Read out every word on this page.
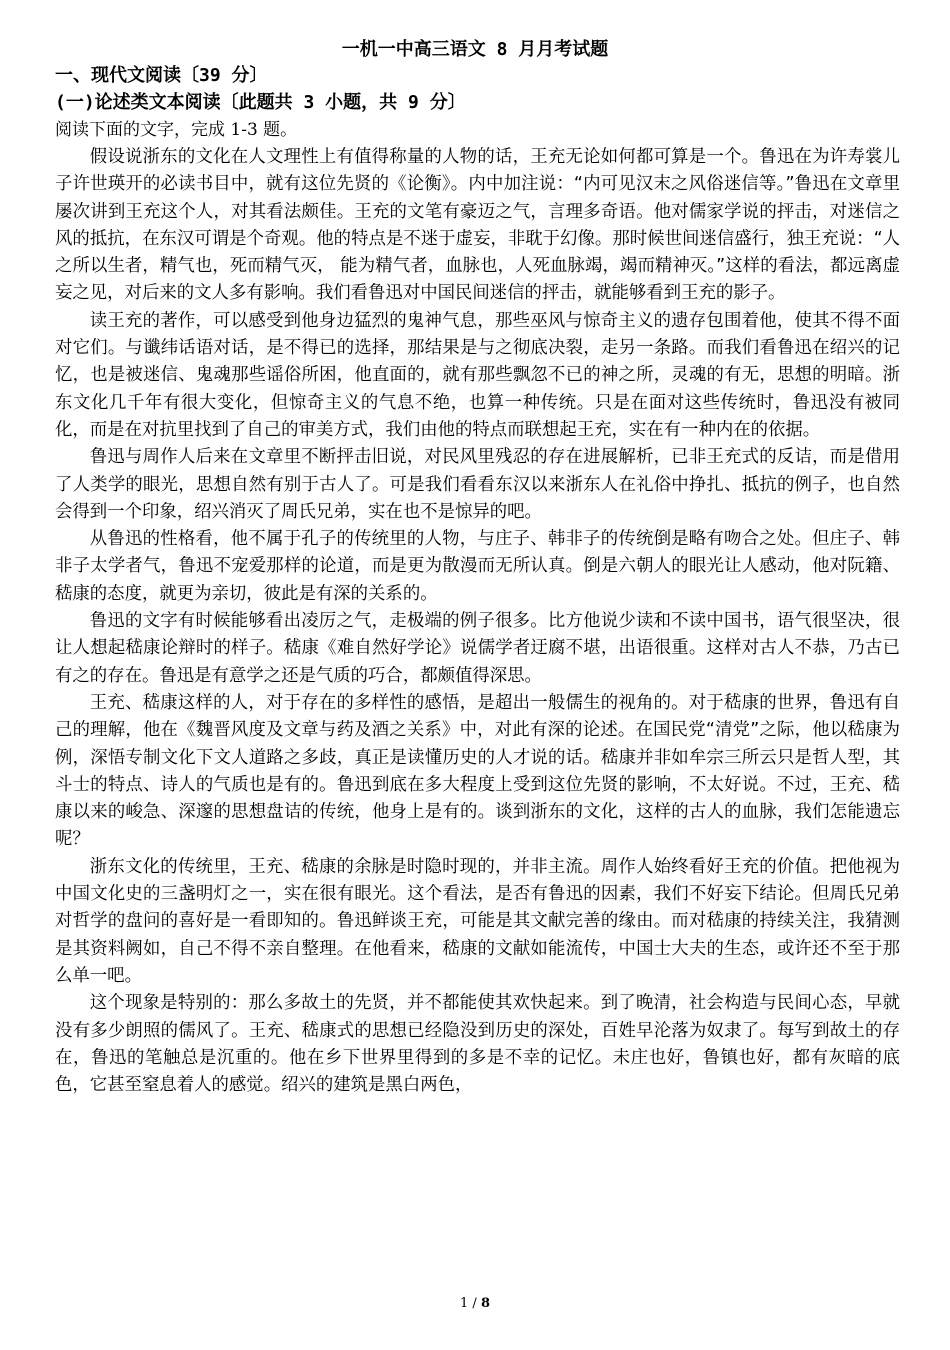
一机一中高三语文 8 月月考试题
一、现代文阅读〔39 分〕
(一)论述类文本阅读〔此题共 3 小题，共 9 分〕
阅读下面的文字，完成 1-3 题。

假设说浙东的文化在人文理性上有值得称量的人物的话，王充无论如何都可算是一个。鲁迅在为许寿裳儿子许世瑛开的必读书目中，就有这位先贤的《论衡》。内中加注说：“内可见汉末之风俗迷信等。”鲁迅在文章里屡次讲到王充这个人，对其看法颇佳。王充的文笔有豪迈之气，言理多奇语。他对儒家学说的抨击，对迷信之风的抵抗，在东汉可谓是个奇观。他的特点是不迷于虚妄，非耽于幻像。那时候世间迷信盛行，独王充说：“人之所以生者，精气也，死而精气灭， 能为精气者，血脉也，人死血脉竭，竭而精神灭。”这样的看法，都远离虚妄之见，对后来的文人多有影响。我们看鲁迅对中国民间迷信的抨击，就能够看到王充的影子。

读王充的著作，可以感受到他身边猛烈的鬼神气息，那些巫风与惊奇主义的遗存包围着他，使其不得不面对它们。与谶纬话语对话，是不得已的选择，那结果是与之彻底决裂，走另一条路。而我们看鲁迅在绍兴的记忆，也是被迷信、鬼魂那些谣俗所困，他直面的，就有那些飘忽不已的神之所，灵魂的有无，思想的明暗。浙东文化几千年有很大变化，但惊奇主义的气息不绝，也算一种传统。只是在面对这些传统时，鲁迅没有被同化，而是在对抗里找到了自己的审美方式，我们由他的特点而联想起王充，实在有一种内在的依据。

鲁迅与周作人后来在文章里不断抨击旧说，对民风里残忍的存在进展解析，已非王充式的反诘，而是借用了人类学的眼光，思想自然有别于古人了。可是我们看看东汉以来浙东人在礼俗中挣扎、抵抗的例子，也自然会得到一个印象，绍兴消灭了周氏兄弟，实在也不是惊异的吧。

从鲁迅的性格看，他不属于孔子的传统里的人物，与庄子、韩非子的传统倒是略有吻合之处。但庄子、韩非子太学者气，鲁迅不宠爱那样的论道，而是更为散漫而无所认真。倒是六朝人的眼光让人感动，他对阮籍、嵇康的态度，就更为亲切，彼此是有深的关系的。

鲁迅的文字有时候能够看出凌厉之气，走极端的例子很多。比方他说少读和不读中国书，语气很坚决，很让人想起嵇康论辩时的样子。嵇康《难自然好学论》说儒学者迂腐不堪，出语很重。这样对古人不恭，乃古已有之的存在。鲁迅是有意学之还是气质的巧合，都颇值得深思。

王充、嵇康这样的人，对于存在的多样性的感悟，是超出一般儒生的视角的。对于嵇康的世界，鲁迅有自己的理解，他在《魏晋风度及文章与药及酒之关系》中，对此有深的论述。在国民党“清党”之际，他以嵇康为例，深悟专制文化下文人道路之多歧，真正是读懂历史的人才说的话。嵇康并非如牟宗三所云只是哲人型，其斗士的特点、诗人的气质也是有的。鲁迅到底在多大程度上受到这位先贤的影响，不太好说。不过，王充、嵇康以来的峻急、深邃的思想盘诘的传统，他身上是有的。谈到浙东的文化，这样的古人的血脉，我们怎能遗忘呢？

浙东文化的传统里，王充、嵇康的余脉是时隐时现的，并非主流。周作人始终看好王充的价值。把他视为中国文化史的三盏明灯之一，实在很有眼光。这个看法，是否有鲁迅的因素，我们不好妄下结论。但周氏兄弟对哲学的盘问的喜好是一看即知的。鲁迅鲜谈王充，可能是其文献完善的缘由。而对嵇康的持续关注，我猜测是其资料阙如，自己不得不亲自整理。在他看来，嵇康的文献如能流传，中国士大夫的生态，或许还不至于那么单一吧。

这个现象是特别的：那么多故土的先贤，并不都能使其欢快起来。到了晚清，社会构造与民间心态，早就没有多少朗照的儒风了。王充、嵇康式的思想已经隐没到历史的深处，百姓早沦落为奴隶了。每写到故土的存在，鲁迅的笔触总是沉重的。他在乡下世界里得到的多是不幸的记忆。未庄也好，鲁镇也好，都有灰暗的底色，它甚至窒息着人的感觉。绍兴的建筑是黑白两色，

1 / 8
